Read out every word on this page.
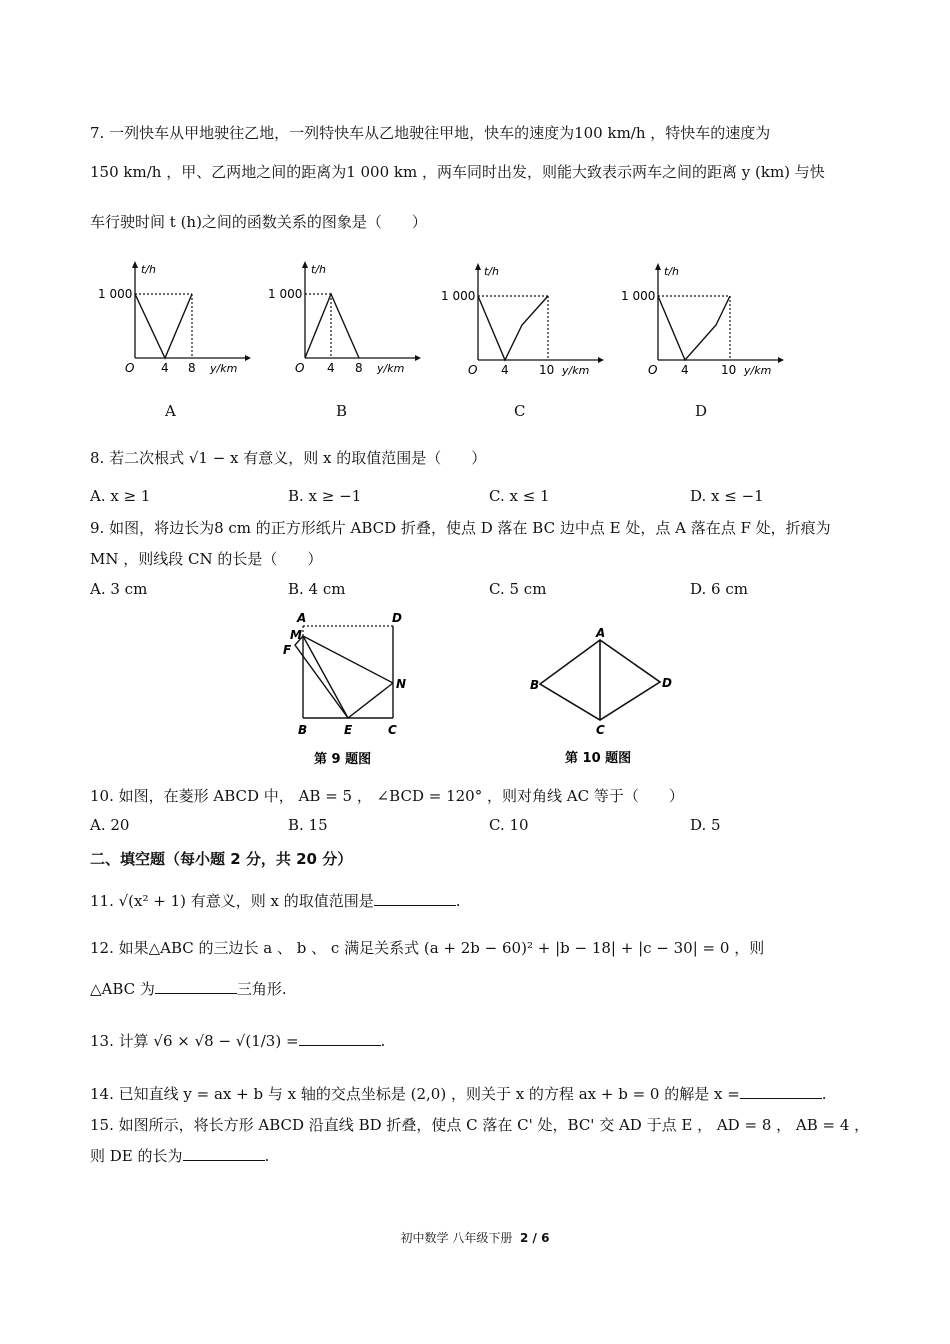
7. 一列快车从甲地驶往乙地，一列特快车从乙地驶往甲地，快车的速度为100 km/h ，特快车的速度为
150 km/h ，甲、乙两地之间的距离为1 000 km ，两车同时出发，则能大致表示两车之间的距离 y (km) 与快
车行驶时间 t (h)之间的函数关系的图象是（　　）
t/h
1 000
O 4 8 y/km
A
t/h
1 000
O 4 8 y/km
B
t/h
1 000
O 4	10 y/km
C
t/h
1 000
O 4	10 y/km
D
8. 若二次根式 √1 − x 有意义，则 x 的取值范围是（　　）
A. x ≥ 1	B. x ≥ −1	C. x ≤ 1	D. x ≤ −1
9. 如图，将边长为8 cm 的正方形纸片 ABCD 折叠，使点 D 落在 BC 边中点 E 处，点 A 落在点 F 处，折痕为
MN ，则线段 CN 的长是（　　）
A. 3 cm	B. 4 cm	C. 5 cm	D. 6 cm
A	D
M
F
N
B	E	C
第 9 题图
A
B	D
C
第 10 题图
10. 如图，在菱形 ABCD 中， AB = 5 ， ∠BCD = 120° ，则对角线 AC 等于（　　）
A. 20	B. 15	C. 10	D. 5
二、填空题（每小题 2 分，共 20 分）
11. √(x² + 1) 有意义，则 x 的取值范围是	.
12. 如果△ABC 的三边长 a 、 b 、 c 满足关系式 (a + 2b − 60)² + |b − 18| + |c − 30| = 0 ，则
△ABC 为	三角形.
13. 计算 √6 × √8 − √(1/3) =	.
14. 已知直线 y = ax + b 与 x 轴的交点坐标是 (2,0) ，则关于 x 的方程 ax + b = 0 的解是 x =	.
15. 如图所示，将长方形 ABCD 沿直线 BD 折叠，使点 C 落在 C' 处，BC' 交 AD 于点 E ， AD = 8 ， AB = 4 ，
则 DE 的长为	.
初中数学 八年级下册 2 / 6
